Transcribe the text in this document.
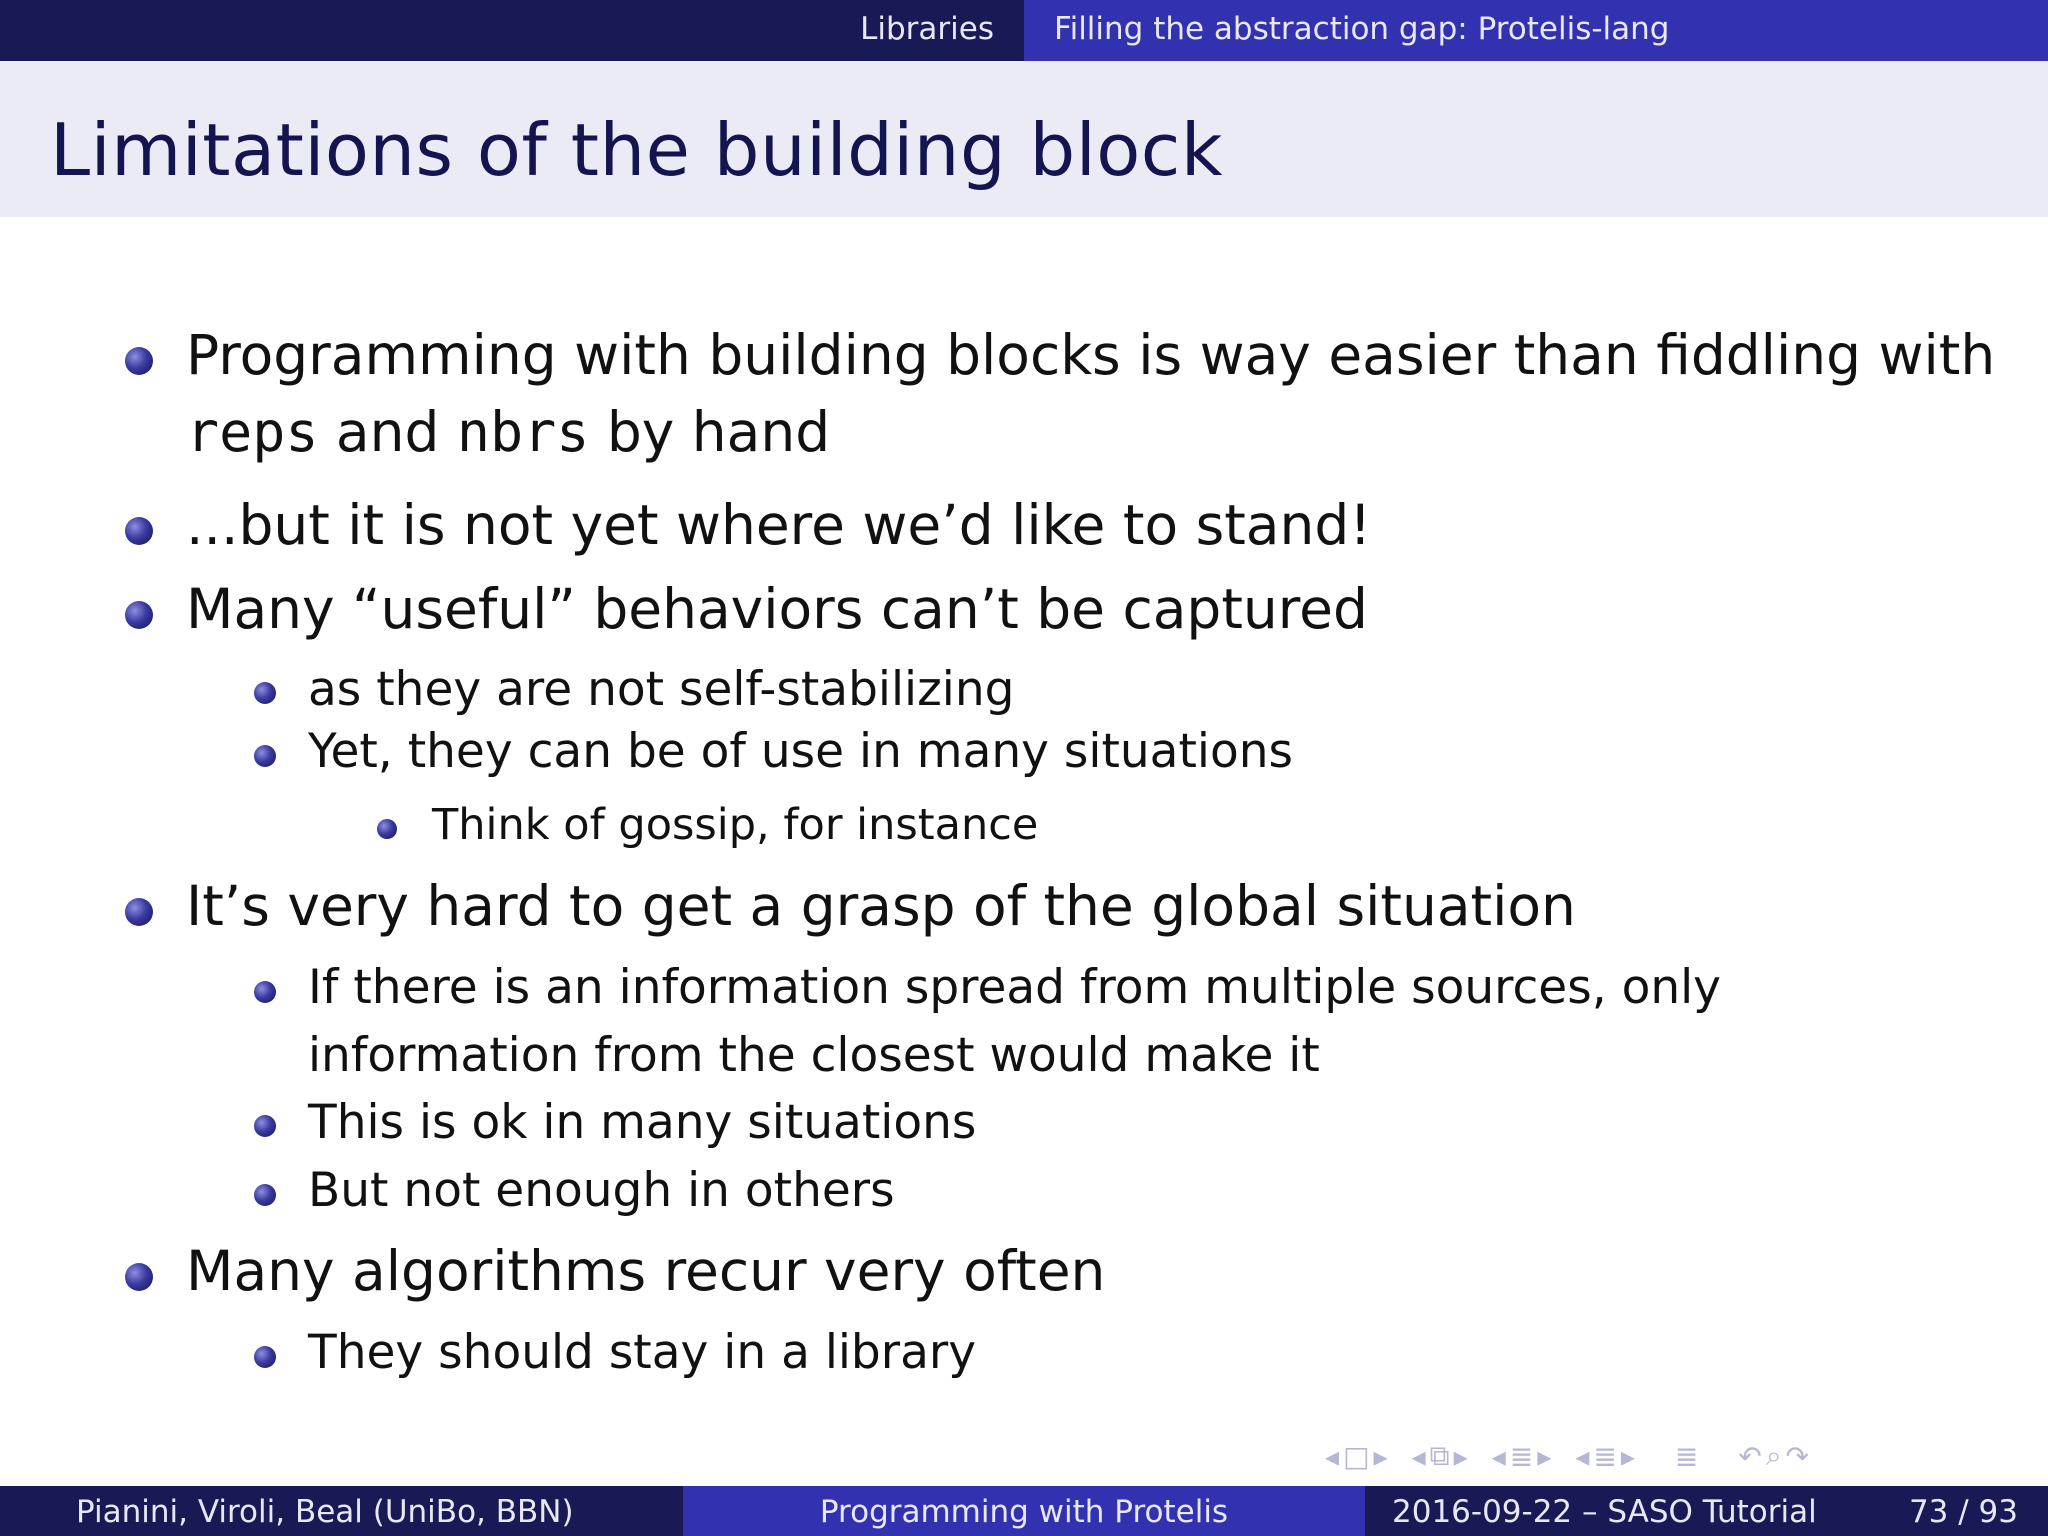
Libraries Filling the abstraction gap: Protelis-lang
Limitations of the building block
Programming with building blocks is way easier than fiddling with
reps and nbrs by hand
...but it is not yet where we’d like to stand!
Many “useful” behaviors can’t be captured
as they are not self-stabilizing
Yet, they can be of use in many situations
Think of gossip, for instance
It’s very hard to get a grasp of the global situation
If there is an information spread from multiple sources, only
information from the closest would make it
This is ok in many situations
But not enough in others
Many algorithms recur very often
They should stay in a library
◂ □ ▸ ◂ ⧉ ▸ ◂ ≣ ▸ ◂ ≣ ▸ ≣ ↶ ⌕ ↷
Pianini, Viroli, Beal (UniBo, BBN)	Programming with Protelis	2016-09-22 – SASO Tutorial	73 / 93
